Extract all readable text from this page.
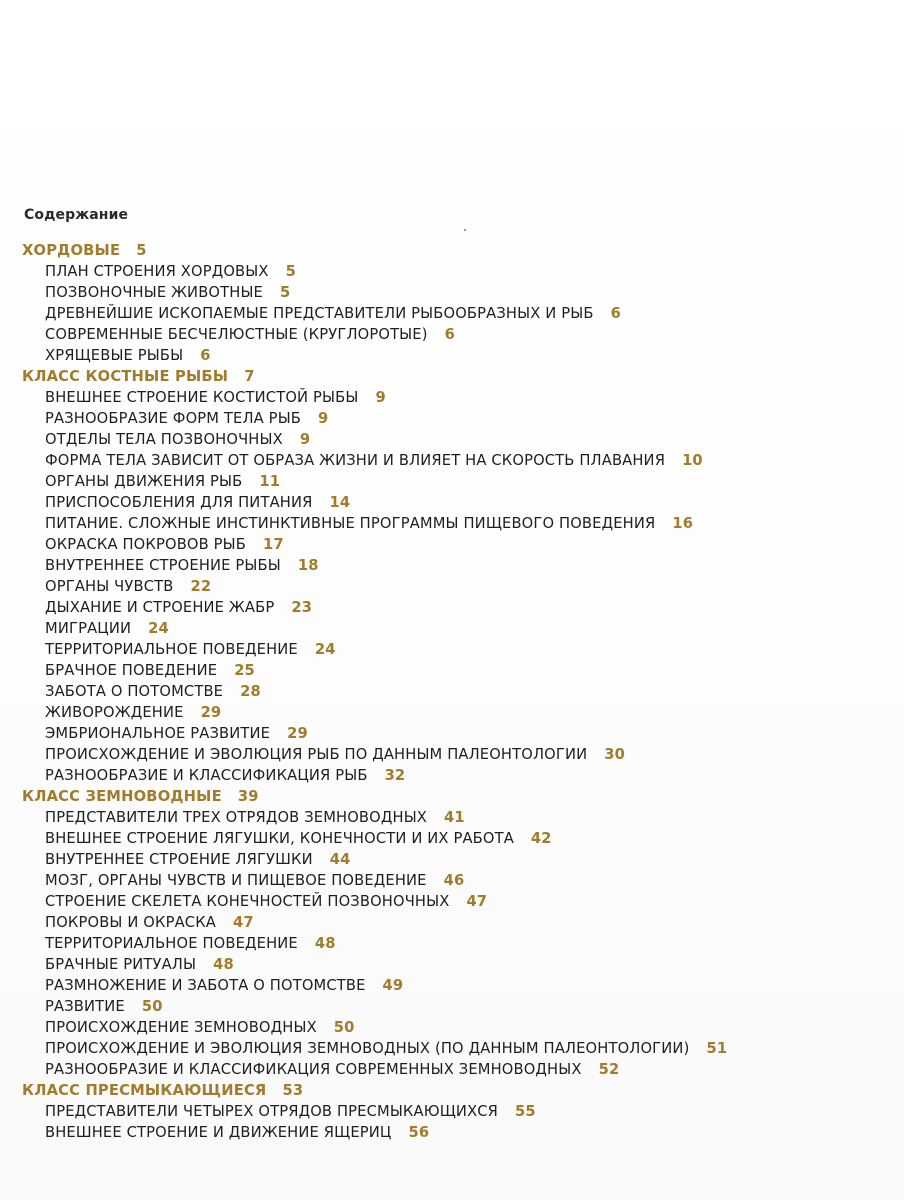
Содержание
ХОРДОВЫЕ 5
ПЛАН СТРОЕНИЯ ХОРДОВЫХ 5
ПОЗВОНОЧНЫЕ ЖИВОТНЫЕ 5
ДРЕВНЕЙШИЕ ИСКОПАЕМЫЕ ПРЕДСТАВИТЕЛИ РЫБООБРАЗНЫХ И РЫБ 6
СОВРЕМЕННЫЕ БЕСЧЕЛЮСТНЫЕ (КРУГЛОРОТЫЕ) 6
ХРЯЩЕВЫЕ РЫБЫ 6
КЛАСС КОСТНЫЕ РЫБЫ 7
ВНЕШНЕЕ СТРОЕНИЕ КОСТИСТОЙ РЫБЫ 9
РАЗНООБРАЗИЕ ФОРМ ТЕЛА РЫБ 9
ОТДЕЛЫ ТЕЛА ПОЗВОНОЧНЫХ 9
ФОРМА ТЕЛА ЗАВИСИТ ОТ ОБРАЗА ЖИЗНИ И ВЛИЯЕТ НА СКОРОСТЬ ПЛАВАНИЯ 10
ОРГАНЫ ДВИЖЕНИЯ РЫБ 11
ПРИСПОСОБЛЕНИЯ ДЛЯ ПИТАНИЯ 14
ПИТАНИЕ. СЛОЖНЫЕ ИНСТИНКТИВНЫЕ ПРОГРАММЫ ПИЩЕВОГО ПОВЕДЕНИЯ 16
ОКРАСКА ПОКРОВОВ РЫБ 17
ВНУТРЕННЕЕ СТРОЕНИЕ РЫБЫ 18
ОРГАНЫ ЧУВСТВ 22
ДЫХАНИЕ И СТРОЕНИЕ ЖАБР 23
МИГРАЦИИ 24
ТЕРРИТОРИАЛЬНОЕ ПОВЕДЕНИЕ 24
БРАЧНОЕ ПОВЕДЕНИЕ 25
ЗАБОТА О ПОТОМСТВЕ 28
ЖИВОРОЖДЕНИЕ 29
ЭМБРИОНАЛЬНОЕ РАЗВИТИЕ 29
ПРОИСХОЖДЕНИЕ И ЭВОЛЮЦИЯ РЫБ ПО ДАННЫМ ПАЛЕОНТОЛОГИИ 30
РАЗНООБРАЗИЕ И КЛАССИФИКАЦИЯ РЫБ 32
КЛАСС ЗЕМНОВОДНЫЕ 39
ПРЕДСТАВИТЕЛИ ТРЕХ ОТРЯДОВ ЗЕМНОВОДНЫХ 41
ВНЕШНЕЕ СТРОЕНИЕ ЛЯГУШКИ, КОНЕЧНОСТИ И ИХ РАБОТА 42
ВНУТРЕННЕЕ СТРОЕНИЕ ЛЯГУШКИ 44
МОЗГ, ОРГАНЫ ЧУВСТВ И ПИЩЕВОЕ ПОВЕДЕНИЕ 46
СТРОЕНИЕ СКЕЛЕТА КОНЕЧНОСТЕЙ ПОЗВОНОЧНЫХ 47
ПОКРОВЫ И ОКРАСКА 47
ТЕРРИТОРИАЛЬНОЕ ПОВЕДЕНИЕ 48
БРАЧНЫЕ РИТУАЛЫ 48
РАЗМНОЖЕНИЕ И ЗАБОТА О ПОТОМСТВЕ 49
РАЗВИТИЕ 50
ПРОИСХОЖДЕНИЕ ЗЕМНОВОДНЫХ 50
ПРОИСХОЖДЕНИЕ И ЭВОЛЮЦИЯ ЗЕМНОВОДНЫХ (ПО ДАННЫМ ПАЛЕОНТОЛОГИИ) 51
РАЗНООБРАЗИЕ И КЛАССИФИКАЦИЯ СОВРЕМЕННЫХ ЗЕМНОВОДНЫХ 52
КЛАСС ПРЕСМЫКАЮЩИЕСЯ 53
ПРЕДСТАВИТЕЛИ ЧЕТЫРЕХ ОТРЯДОВ ПРЕСМЫКАЮЩИХСЯ 55
ВНЕШНЕЕ СТРОЕНИЕ И ДВИЖЕНИЕ ЯЩЕРИЦ 56
